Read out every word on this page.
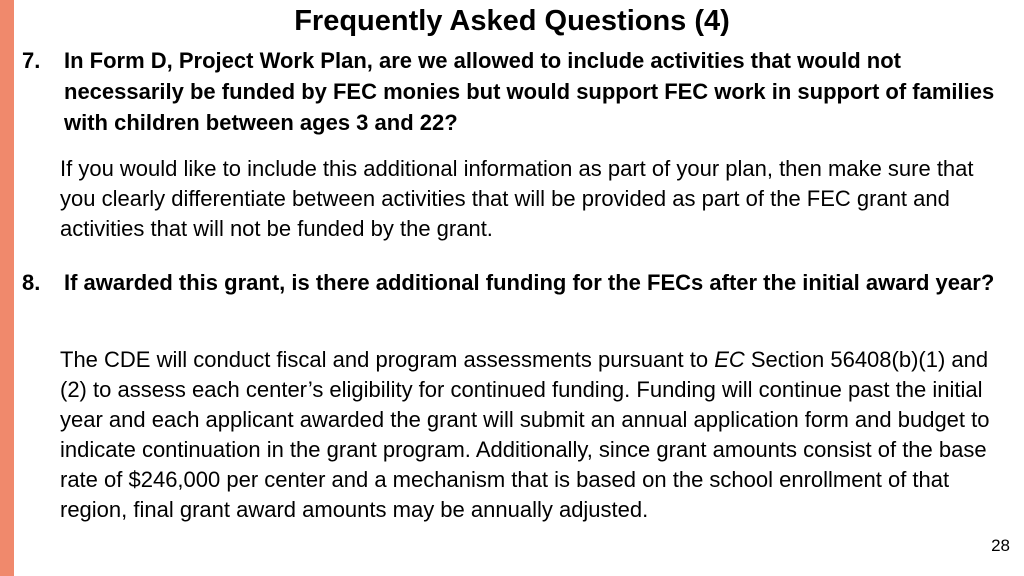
Frequently Asked Questions (4)
7. In Form D, Project Work Plan, are we allowed to include activities that would not necessarily be funded by FEC monies but would support FEC work in support of families with children between ages 3 and 22?
If you would like to include this additional information as part of your plan, then make sure that you clearly differentiate between activities that will be provided as part of the FEC grant and activities that will not be funded by the grant.
8. If awarded this grant, is there additional funding for the FECs after the initial award year?
The CDE will conduct fiscal and program assessments pursuant to EC Section 56408(b)(1) and (2) to assess each center’s eligibility for continued funding. Funding will continue past the initial year and each applicant awarded the grant will submit an annual application form and budget to indicate continuation in the grant program. Additionally, since grant amounts consist of the base rate of $246,000 per center and a mechanism that is based on the school enrollment of that region, final grant award amounts may be annually adjusted.
28
